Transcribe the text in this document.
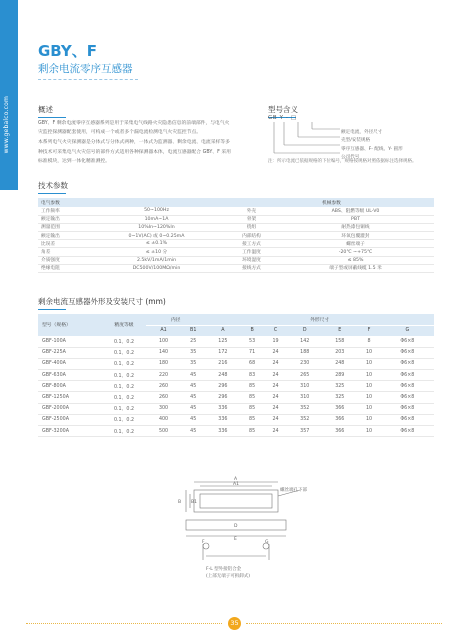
www.gebalco.com
GBY、F
剩余电流零序互感器
概述

GBY、F 剩余电流零序互感器系列是用于采集电气线路火灾隐患信息的前端部件，与电气火灾监控探测器配套使用，可构成一个或者多个漏电流检测电气火灾监控节点。

本系列电气火灾探测器是分体式与分体式两种，一体式为监测器、剩余电流、电流采样等多种技术可采集电气火灾信号的部件方式适用各种探测器本体，电流互感器配合 GBY、F 采用标准模块，达到一体化精准测控。

型号含义
GB Y - □
额定电流，外径尺寸
壳型/安装规格
零序互感器、F- 配线、Y- 圆形
公司代号
注：所示电流已依据规格的下位编号，规格按规格对照依据标注选择规格。
技术参数
电气参数		机械参数	
工作频率	50~100Hz	外壳	ABS、阻燃等级 UL-V0
额定输出	10mA~1A	骨架	PBT
测量范围	10%In~120%In	绕组	耐热漆包铜线
额定输出	0~1V(AC) 或 0~0.25mA	内部结构	环氧包覆灌封
比误差	≤ ±0.1%	接工方式	螺丝端子
角差	≤ ±10 分	工作温度	-20℃ ~+75℃
介质强度	2.5kV/1mA/1min	环境湿度	≤ 85%
绝缘电阻	DC500V/100MΩ/min	接线方式	端子型或屏蔽线缆 1.5 米
剩余电流互感器外形及安装尺寸 (mm)
型号（规格）	精度等级	内径		外形尺寸						
		A1	B1	A	B	C	D	E	F	G
GBF-100A	0.1、0.2	100	25	125	53	19	142	158	8	Φ6×8
GBF-225A	0.1、0.2	140	35	172	71	24	188	203	10	Φ6×8
GBF-400A	0.1、0.2	180	35	216	68	24	230	248	10	Φ6×8
GBF-630A	0.1、0.2	220	45	248	83	24	265	289	10	Φ6×8
GBF-800A	0.1、0.2	260	45	296	85	24	310	325	10	Φ6×8
GBF-1250A	0.1、0.2	260	45	296	85	24	310	325	10	Φ6×8
GBF-2000A	0.1、0.2	300	45	336	85	24	352	366	10	Φ6×8
GBF-2500A	0.1、0.2	400	45	336	85	24	352	366	10	Φ6×8
GBF-3200A	0.1、0.2	500	45	336	85	24	357	366	10	Φ6×8
A
A1
B B1
D
E
F	G
螺丝端孔下部
F-L 型外接铝合金
(上部无端子可拆卸式)
35
